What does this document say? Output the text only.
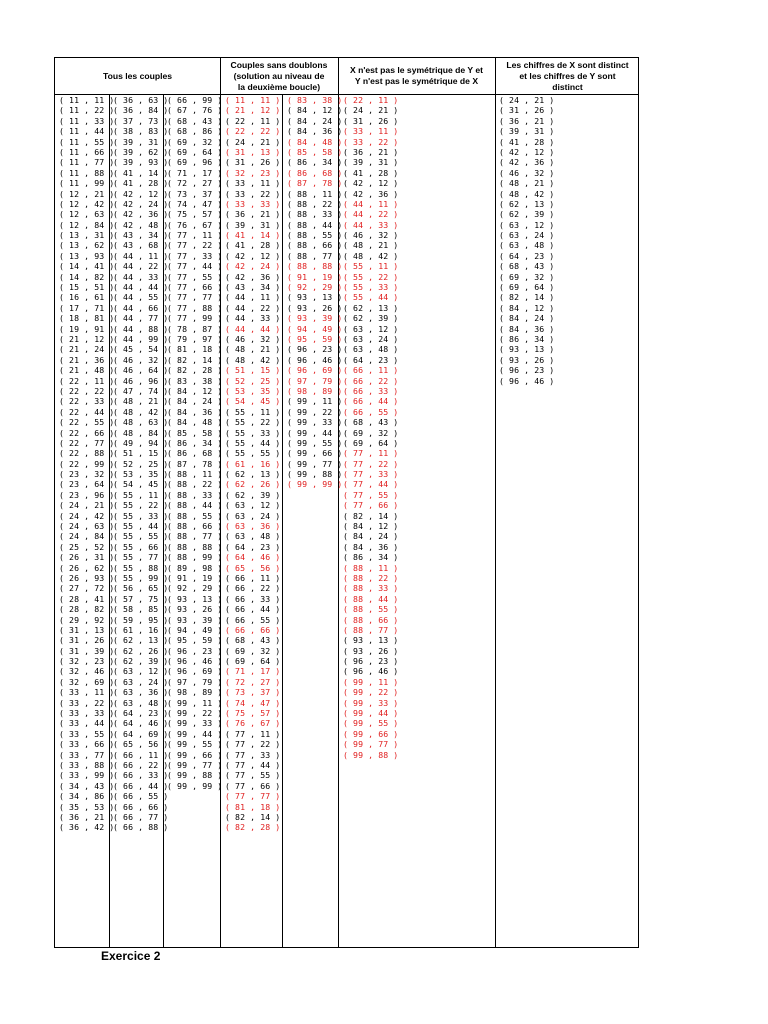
Tous les couples
Couples sans doublons
(solution au niveau de
la deuxième boucle)
X n'est pas le symétrique de Y et
Y n'est pas le symétrique de X
Les chiffres de X sont distinct
et les chiffres de Y sont
distinct
( 11 , 11 )
( 11 , 22 )
( 11 , 33 )
( 11 , 44 )
( 11 , 55 )
( 11 , 66 )
( 11 , 77 )
( 11 , 88 )
( 11 , 99 )
( 12 , 21 )
( 12 , 42 )
( 12 , 63 )
( 12 , 84 )
( 13 , 31 )
( 13 , 62 )
( 13 , 93 )
( 14 , 41 )
( 14 , 82 )
( 15 , 51 )
( 16 , 61 )
( 17 , 71 )
( 18 , 81 )
( 19 , 91 )
( 21 , 12 )
( 21 , 24 )
( 21 , 36 )
( 21 , 48 )
( 22 , 11 )
( 22 , 22 )
( 22 , 33 )
( 22 , 44 )
( 22 , 55 )
( 22 , 66 )
( 22 , 77 )
( 22 , 88 )
( 22 , 99 )
( 23 , 32 )
( 23 , 64 )
( 23 , 96 )
( 24 , 21 )
( 24 , 42 )
( 24 , 63 )
( 24 , 84 )
( 25 , 52 )
( 26 , 31 )
( 26 , 62 )
( 26 , 93 )
( 27 , 72 )
( 28 , 41 )
( 28 , 82 )
( 29 , 92 )
( 31 , 13 )
( 31 , 26 )
( 31 , 39 )
( 32 , 23 )
( 32 , 46 )
( 32 , 69 )
( 33 , 11 )
( 33 , 22 )
( 33 , 33 )
( 33 , 44 )
( 33 , 55 )
( 33 , 66 )
( 33 , 77 )
( 33 , 88 )
( 33 , 99 )
( 34 , 43 )
( 34 , 86 )
( 35 , 53 )
( 36 , 21 )
( 36 , 42 )
( 36 , 63 )
( 36 , 84 )
( 37 , 73 )
( 38 , 83 )
( 39 , 31 )
( 39 , 62 )
( 39 , 93 )
( 41 , 14 )
( 41 , 28 )
( 42 , 12 )
( 42 , 24 )
( 42 , 36 )
( 42 , 48 )
( 43 , 34 )
( 43 , 68 )
( 44 , 11 )
( 44 , 22 )
( 44 , 33 )
( 44 , 44 )
( 44 , 55 )
( 44 , 66 )
( 44 , 77 )
( 44 , 88 )
( 44 , 99 )
( 45 , 54 )
( 46 , 32 )
( 46 , 64 )
( 46 , 96 )
( 47 , 74 )
( 48 , 21 )
( 48 , 42 )
( 48 , 63 )
( 48 , 84 )
( 49 , 94 )
( 51 , 15 )
( 52 , 25 )
( 53 , 35 )
( 54 , 45 )
( 55 , 11 )
( 55 , 22 )
( 55 , 33 )
( 55 , 44 )
( 55 , 55 )
( 55 , 66 )
( 55 , 77 )
( 55 , 88 )
( 55 , 99 )
( 56 , 65 )
( 57 , 75 )
( 58 , 85 )
( 59 , 95 )
( 61 , 16 )
( 62 , 13 )
( 62 , 26 )
( 62 , 39 )
( 63 , 12 )
( 63 , 24 )
( 63 , 36 )
( 63 , 48 )
( 64 , 23 )
( 64 , 46 )
( 64 , 69 )
( 65 , 56 )
( 66 , 11 )
( 66 , 22 )
( 66 , 33 )
( 66 , 44 )
( 66 , 55 )
( 66 , 66 )
( 66 , 77 )
( 66 , 88 )
( 66 , 99 )
( 67 , 76 )
( 68 , 43 )
( 68 , 86 )
( 69 , 32 )
( 69 , 64 )
( 69 , 96 )
( 71 , 17 )
( 72 , 27 )
( 73 , 37 )
( 74 , 47 )
( 75 , 57 )
( 76 , 67 )
( 77 , 11 )
( 77 , 22 )
( 77 , 33 )
( 77 , 44 )
( 77 , 55 )
( 77 , 66 )
( 77 , 77 )
( 77 , 88 )
( 77 , 99 )
( 78 , 87 )
( 79 , 97 )
( 81 , 18 )
( 82 , 14 )
( 82 , 28 )
( 83 , 38 )
( 84 , 12 )
( 84 , 24 )
( 84 , 36 )
( 84 , 48 )
( 85 , 58 )
( 86 , 34 )
( 86 , 68 )
( 87 , 78 )
( 88 , 11 )
( 88 , 22 )
( 88 , 33 )
( 88 , 44 )
( 88 , 55 )
( 88 , 66 )
( 88 , 77 )
( 88 , 88 )
( 88 , 99 )
( 89 , 98 )
( 91 , 19 )
( 92 , 29 )
( 93 , 13 )
( 93 , 26 )
( 93 , 39 )
( 94 , 49 )
( 95 , 59 )
( 96 , 23 )
( 96 , 46 )
( 96 , 69 )
( 97 , 79 )
( 98 , 89 )
( 99 , 11 )
( 99 , 22 )
( 99 , 33 )
( 99 , 44 )
( 99 , 55 )
( 99 , 66 )
( 99 , 77 )
( 99 , 88 )
( 99 , 99 )
( 11 , 11 )
( 21 , 12 )
( 22 , 11 )
( 22 , 22 )
( 24 , 21 )
( 31 , 13 )
( 31 , 26 )
( 32 , 23 )
( 33 , 11 )
( 33 , 22 )
( 33 , 33 )
( 36 , 21 )
( 39 , 31 )
( 41 , 14 )
( 41 , 28 )
( 42 , 12 )
( 42 , 24 )
( 42 , 36 )
( 43 , 34 )
( 44 , 11 )
( 44 , 22 )
( 44 , 33 )
( 44 , 44 )
( 46 , 32 )
( 48 , 21 )
( 48 , 42 )
( 51 , 15 )
( 52 , 25 )
( 53 , 35 )
( 54 , 45 )
( 55 , 11 )
( 55 , 22 )
( 55 , 33 )
( 55 , 44 )
( 55 , 55 )
( 61 , 16 )
( 62 , 13 )
( 62 , 26 )
( 62 , 39 )
( 63 , 12 )
( 63 , 24 )
( 63 , 36 )
( 63 , 48 )
( 64 , 23 )
( 64 , 46 )
( 65 , 56 )
( 66 , 11 )
( 66 , 22 )
( 66 , 33 )
( 66 , 44 )
( 66 , 55 )
( 66 , 66 )
( 68 , 43 )
( 69 , 32 )
( 69 , 64 )
( 71 , 17 )
( 72 , 27 )
( 73 , 37 )
( 74 , 47 )
( 75 , 57 )
( 76 , 67 )
( 77 , 11 )
( 77 , 22 )
( 77 , 33 )
( 77 , 44 )
( 77 , 55 )
( 77 , 66 )
( 77 , 77 )
( 81 , 18 )
( 82 , 14 )
( 82 , 28 )
( 83 , 38 )
( 84 , 12 )
( 84 , 24 )
( 84 , 36 )
( 84 , 48 )
( 85 , 58 )
( 86 , 34 )
( 86 , 68 )
( 87 , 78 )
( 88 , 11 )
( 88 , 22 )
( 88 , 33 )
( 88 , 44 )
( 88 , 55 )
( 88 , 66 )
( 88 , 77 )
( 88 , 88 )
( 91 , 19 )
( 92 , 29 )
( 93 , 13 )
( 93 , 26 )
( 93 , 39 )
( 94 , 49 )
( 95 , 59 )
( 96 , 23 )
( 96 , 46 )
( 96 , 69 )
( 97 , 79 )
( 98 , 89 )
( 99 , 11 )
( 99 , 22 )
( 99 , 33 )
( 99 , 44 )
( 99 , 55 )
( 99 , 66 )
( 99 , 77 )
( 99 , 88 )
( 99 , 99 )
( 22 , 11 )
( 24 , 21 )
( 31 , 26 )
( 33 , 11 )
( 33 , 22 )
( 36 , 21 )
( 39 , 31 )
( 41 , 28 )
( 42 , 12 )
( 42 , 36 )
( 44 , 11 )
( 44 , 22 )
( 44 , 33 )
( 46 , 32 )
( 48 , 21 )
( 48 , 42 )
( 55 , 11 )
( 55 , 22 )
( 55 , 33 )
( 55 , 44 )
( 62 , 13 )
( 62 , 39 )
( 63 , 12 )
( 63 , 24 )
( 63 , 48 )
( 64 , 23 )
( 66 , 11 )
( 66 , 22 )
( 66 , 33 )
( 66 , 44 )
( 66 , 55 )
( 68 , 43 )
( 69 , 32 )
( 69 , 64 )
( 77 , 11 )
( 77 , 22 )
( 77 , 33 )
( 77 , 44 )
( 77 , 55 )
( 77 , 66 )
( 82 , 14 )
( 84 , 12 )
( 84 , 24 )
( 84 , 36 )
( 86 , 34 )
( 88 , 11 )
( 88 , 22 )
( 88 , 33 )
( 88 , 44 )
( 88 , 55 )
( 88 , 66 )
( 88 , 77 )
( 93 , 13 )
( 93 , 26 )
( 96 , 23 )
( 96 , 46 )
( 99 , 11 )
( 99 , 22 )
( 99 , 33 )
( 99 , 44 )
( 99 , 55 )
( 99 , 66 )
( 99 , 77 )
( 99 , 88 )
( 24 , 21 )
( 31 , 26 )
( 36 , 21 )
( 39 , 31 )
( 41 , 28 )
( 42 , 12 )
( 42 , 36 )
( 46 , 32 )
( 48 , 21 )
( 48 , 42 )
( 62 , 13 )
( 62 , 39 )
( 63 , 12 )
( 63 , 24 )
( 63 , 48 )
( 64 , 23 )
( 68 , 43 )
( 69 , 32 )
( 69 , 64 )
( 82 , 14 )
( 84 , 12 )
( 84 , 24 )
( 84 , 36 )
( 86 , 34 )
( 93 , 13 )
( 93 , 26 )
( 96 , 23 )
( 96 , 46 )
Exercice 2
